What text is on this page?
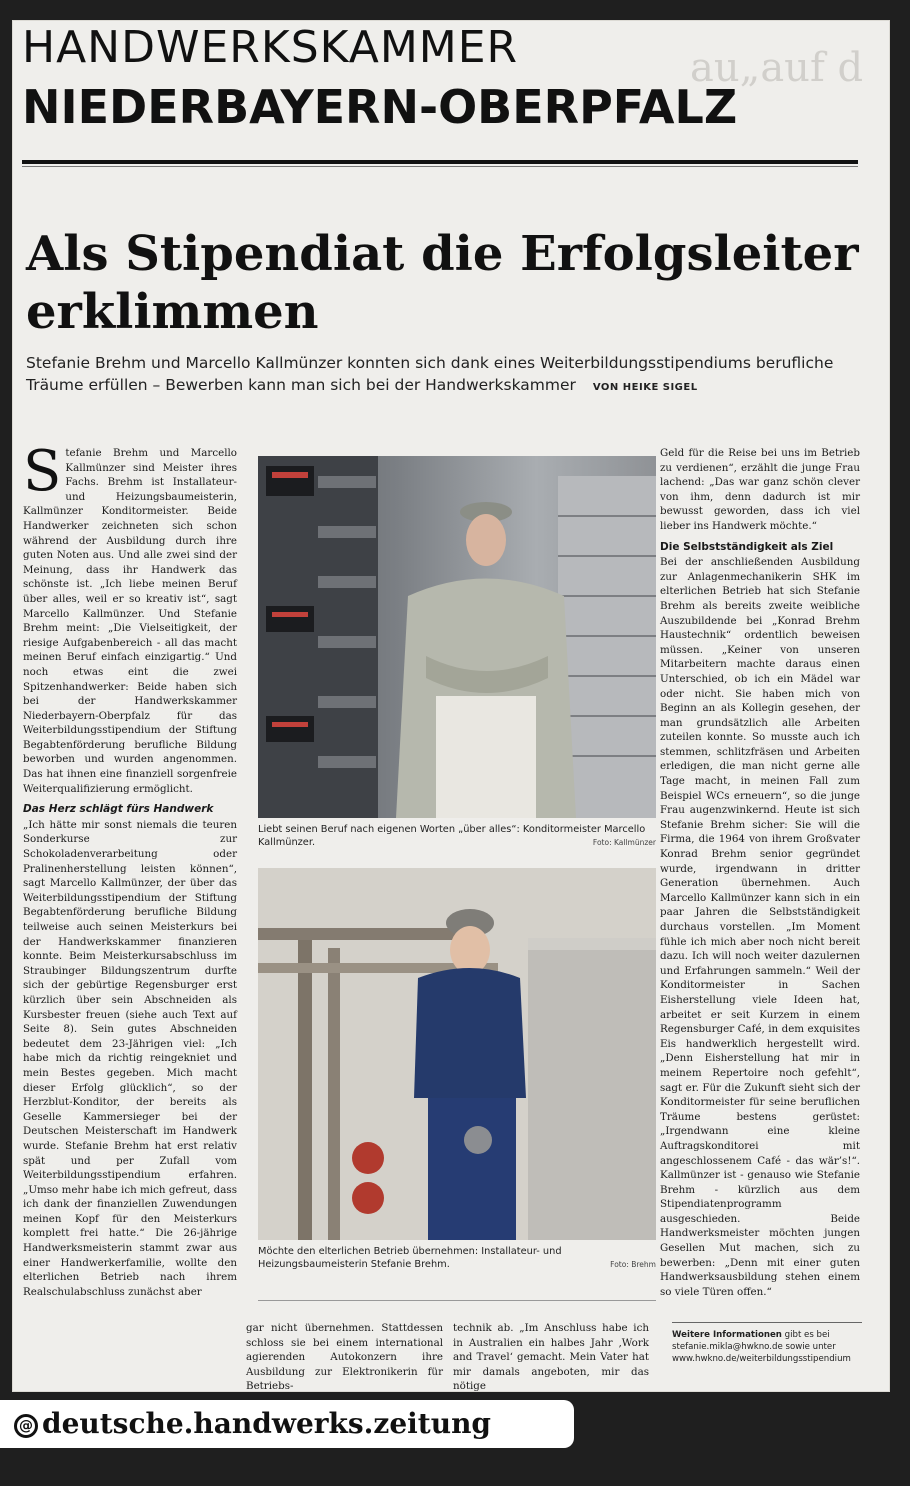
au„auf d
HANDWERKSKAMMER
NIEDERBAYERN-OBERPFALZ
Als Stipendiat die Erfolgsleiter erklimmen
Stefanie Brehm und Marcello Kallmünzer konnten sich dank eines Weiterbildungsstipendiums berufliche Träume erfüllen – Bewerben kann man sich bei der Handwerkskammer VON HEIKE SIGEL

Stefanie Brehm und Marcello Kallmünzer sind Meister ihres Fachs. Brehm ist Installateur- und Heizungsbaumeisterin, Kallmünzer Konditormeister. Beide Handwerker zeichneten sich schon während der Ausbildung durch ihre guten Noten aus. Und alle zwei sind der Meinung, dass ihr Handwerk das schönste ist. „Ich liebe meinen Beruf über alles, weil er so kreativ ist“, sagt Marcello Kallmünzer. Und Stefanie Brehm meint: „Die Vielseitigkeit, der riesige Aufgabenbereich - all das macht meinen Beruf einfach einzigartig.“ Und noch etwas eint die zwei Spitzenhandwerker: Beide haben sich bei der Handwerkskammer Niederbayern-Oberpfalz für das Weiterbildungsstipendium der Stiftung Begabtenförderung berufliche Bildung beworben und wurden angenommen. Das hat ihnen eine finanziell sorgenfreie Weiterqualifizierung ermöglicht.

Das Herz schlägt fürs Handwerk

„Ich hätte mir sonst niemals die teuren Sonderkurse zur Schokoladenverarbeitung oder Pralinenherstellung leisten können“, sagt Marcello Kallmünzer, der über das Weiterbildungsstipendium der Stiftung Begabtenförderung berufliche Bildung teilweise auch seinen Meisterkurs bei der Handwerkskammer finanzieren konnte. Beim Meisterkursabschluss im Straubinger Bildungszentrum durfte sich der gebürtige Regensburger erst kürzlich über sein Abschneiden als Kursbester freuen (siehe auch Text auf Seite 8). Sein gutes Abschneiden bedeutet dem 23-Jährigen viel: „Ich habe mich da richtig reingekniet und mein Bestes gegeben. Mich macht dieser Erfolg glücklich“, so der Herzblut-Konditor, der bereits als Geselle Kammersieger bei der Deutschen Meisterschaft im Handwerk wurde. Stefanie Brehm hat erst relativ spät und per Zufall vom Weiterbildungsstipendium erfahren. „Umso mehr habe ich mich gefreut, dass ich dank der finanziellen Zuwendungen meinen Kopf für den Meisterkurs komplett frei hatte.“ Die 26-jährige Handwerksmeisterin stammt zwar aus einer Handwerkerfamilie, wollte den elterlichen Betrieb nach ihrem Realschulabschluss zunächst aber

Liebt seinen Beruf nach eigenen Worten „über alles“: Konditormeister Marcello Kallmünzer.	Foto: Kallmünzer
Möchte den elterlichen Betrieb übernehmen: Installateur- und Heizungsbaumeisterin Stefanie Brehm.	Foto: Brehm

gar nicht übernehmen. Stattdessen schloss sie bei einem international agierenden Autokonzern ihre Ausbildung zur Elektronikerin für Betriebs-

technik ab. „Im Anschluss habe ich in Australien ein halbes Jahr ‚Work and Travel‘ gemacht. Mein Vater hat mir damals angeboten, mir das nötige

Geld für die Reise bei uns im Betrieb zu verdienen“, erzählt die junge Frau lachend: „Das war ganz schön clever von ihm, denn dadurch ist mir bewusst geworden, dass ich viel lieber ins Handwerk möchte.“

Die Selbstständigkeit als Ziel

Bei der anschließenden Ausbildung zur Anlagenmechanikerin SHK im elterlichen Betrieb hat sich Stefanie Brehm als bereits zweite weibliche Auszubildende bei „Konrad Brehm Haustechnik“ ordentlich beweisen müssen. „Keiner von unseren Mitarbeitern machte daraus einen Unterschied, ob ich ein Mädel war oder nicht. Sie haben mich von Beginn an als Kollegin gesehen, der man grundsätzlich alle Arbeiten zuteilen konnte. So musste auch ich stemmen, schlitzfräsen und Arbeiten erledigen, die man nicht gerne alle Tage macht, in meinen Fall zum Beispiel WCs erneuern“, so die junge Frau augenzwinkernd. Heute ist sich Stefanie Brehm sicher: Sie will die Firma, die 1964 von ihrem Großvater Konrad Brehm senior gegründet wurde, irgendwann in dritter Generation übernehmen. Auch Marcello Kallmünzer kann sich in ein paar Jahren die Selbstständigkeit durchaus vorstellen. „Im Moment fühle ich mich aber noch nicht bereit dazu. Ich will noch weiter dazulernen und Erfahrungen sammeln.“ Weil der Konditormeister in Sachen Eisherstellung viele Ideen hat, arbeitet er seit Kurzem in einem Regensburger Café, in dem exquisites Eis handwerklich hergestellt wird. „Denn Eisherstellung hat mir in meinem Repertoire noch gefehlt“, sagt er. Für die Zukunft sieht sich der Konditormeister für seine beruflichen Träume bestens gerüstet: „Irgendwann eine kleine Auftragskonditorei mit angeschlossenem Café - das wär’s!“. Kallmünzer ist - genauso wie Stefanie Brehm - kürzlich aus dem Stipendiatenprogramm ausgeschieden. Beide Handwerksmeister möchten jungen Gesellen Mut machen, sich zu bewerben: „Denn mit einer guten Handwerksausbildung stehen einem so viele Türen offen.“

Weitere Informationen gibt es bei stefanie.mikla@hwkno.de sowie unter www.hwkno.de/weiterbildungsstipendium
@ deutsche.handwerks.zeitung
